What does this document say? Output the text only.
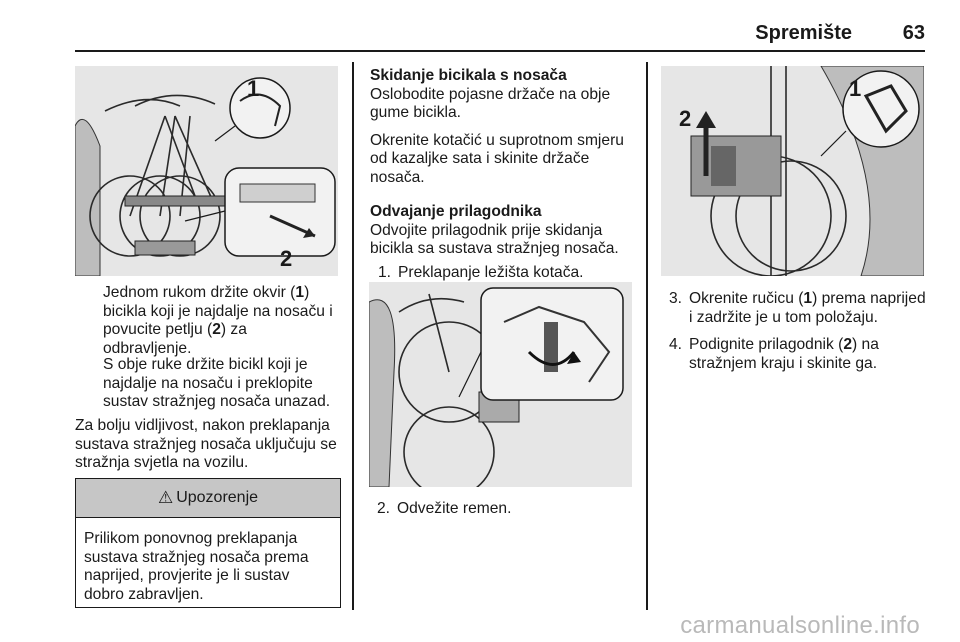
Spremište	63
1
2

Jednom rukom držite okvir (1) bicikla koji je najdalje na nosaču i povucite petlju (2) za odbravljenje.

S obje ruke držite bicikl koji je najdalje na nosaču i preklopite sustav stražnjeg nosača unazad.
Za bolju vidljivost, nakon preklapanja sustava stražnjeg nosača uključuju se stražnja svjetla na vozilu.
⚠ Upozorenje
Prilikom ponovnog preklapanja sustava stražnjeg nosača prema naprijed, provjerite je li sustav dobro zabravljen.
Skidanje bicikala s nosača

Oslobodite pojasne držače na obje gume bicikla.

Okrenite kotačić u suprotnom smjeru od kazaljke sata i skinite držače nosača.

Odvajanje prilagodnika

Odvojite prilagodnik prije skidanja bicikla sa sustava stražnjeg nosača.

1. Preklapanje ležišta kotača.
2. Odvežite remen.
1
2
3. Okrenite ručicu (1) prema naprijed i zadržite je u tom položaju.
4. Podignite prilagodnik (2) na stražnjem kraju i skinite ga.
carmanualsonline.info
